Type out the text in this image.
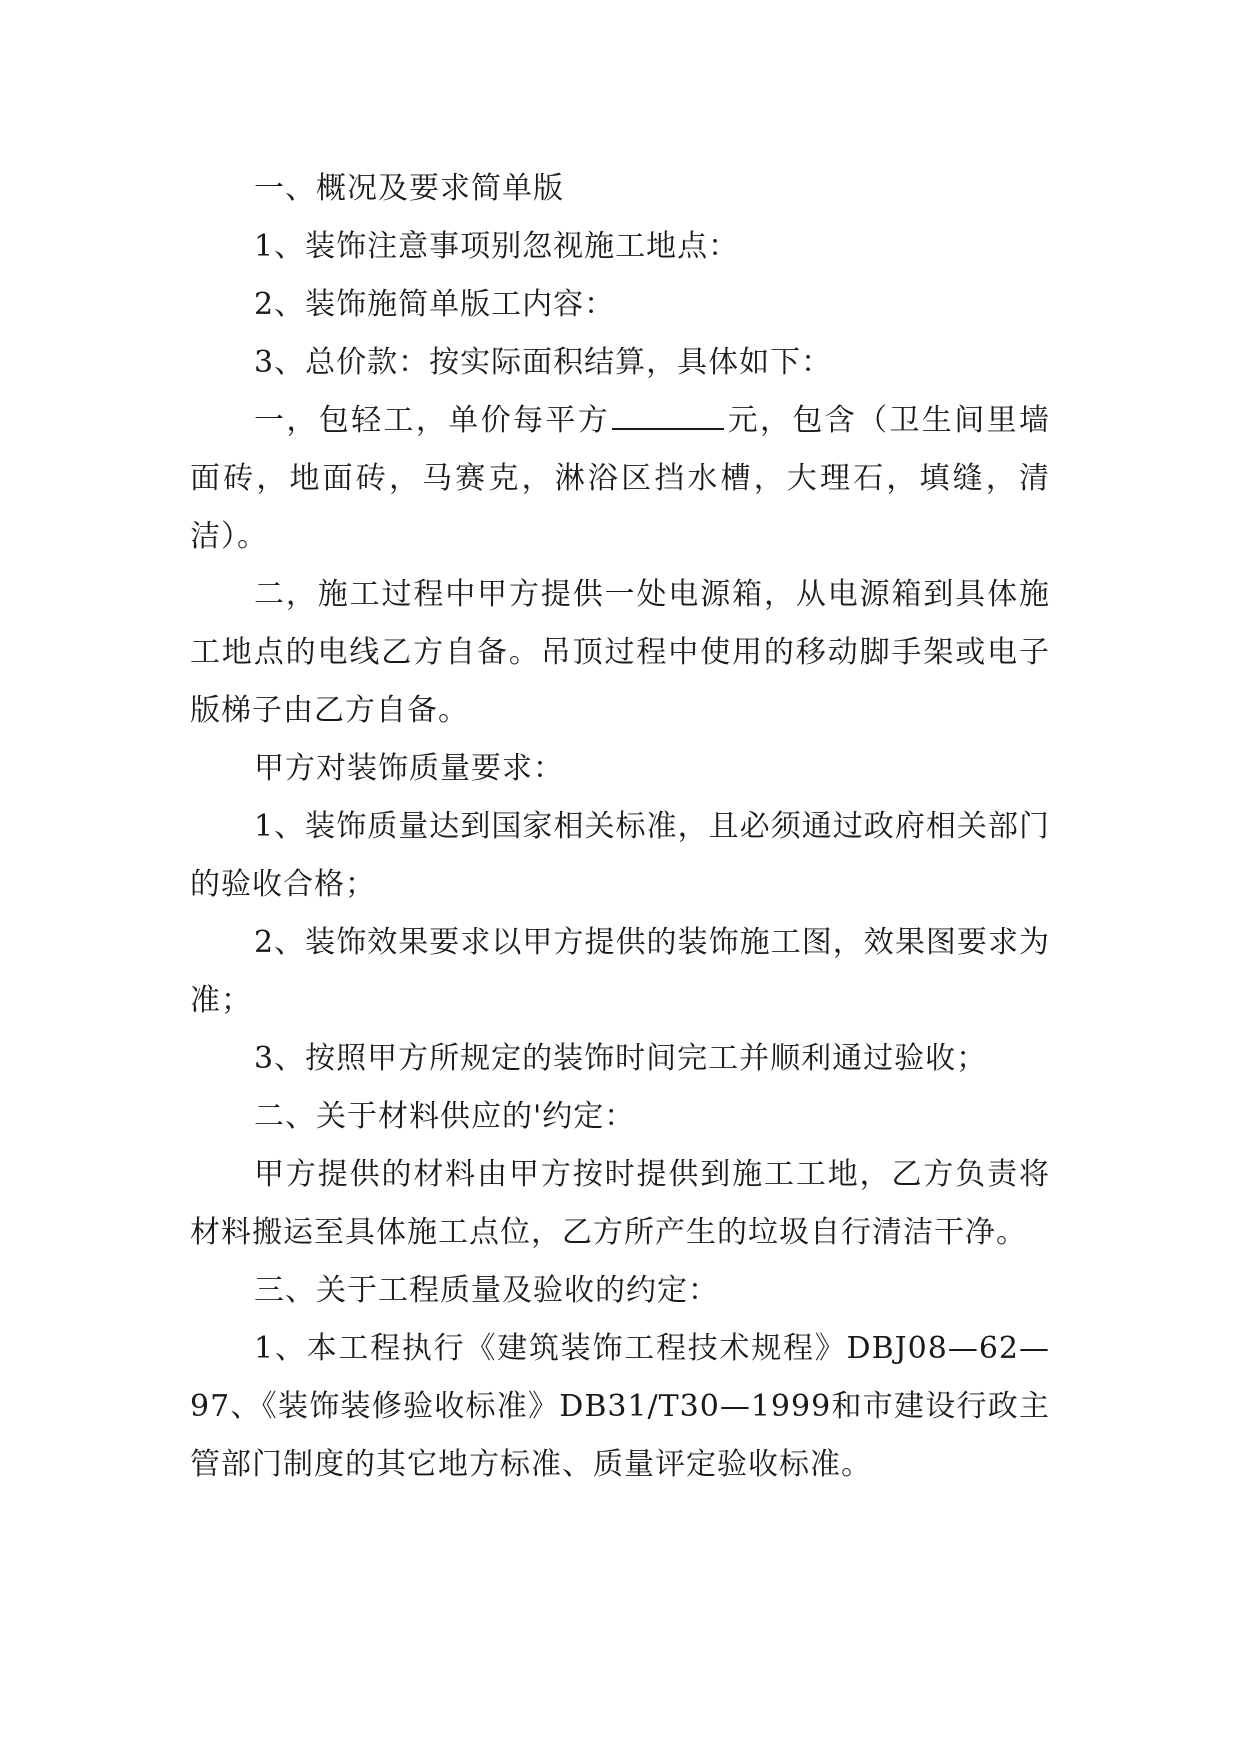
一、概况及要求简单版

1、装饰注意事项别忽视施工地点：

2、装饰施简单版工内容：

3、总价款：按实际面积结算，具体如下：

一，包轻工，单价每平方	元，包含（卫生间里墙面砖，地面砖，马赛克，淋浴区挡水槽，大理石，填缝，清洁）。

二，施工过程中甲方提供一处电源箱，从电源箱到具体施工地点的电线乙方自备。吊顶过程中使用的移动脚手架或电子版梯子由乙方自备。

甲方对装饰质量要求：

1、装饰质量达到国家相关标准，且必须通过政府相关部门的验收合格；

2、装饰效果要求以甲方提供的装饰施工图，效果图要求为准；

3、按照甲方所规定的装饰时间完工并顺利通过验收；

二、关于材料供应的'约定：

甲方提供的材料由甲方按时提供到施工工地，乙方负责将材料搬运至具体施工点位，乙方所产生的垃圾自行清洁干净。

三、关于工程质量及验收的约定：

1、本工程执行《建筑装饰工程技术规程》DBJ08—62—97、《装饰装修验收标准》DB31/T30—1999和市建设行政主管部门制度的其它地方标准、质量评定验收标准。
